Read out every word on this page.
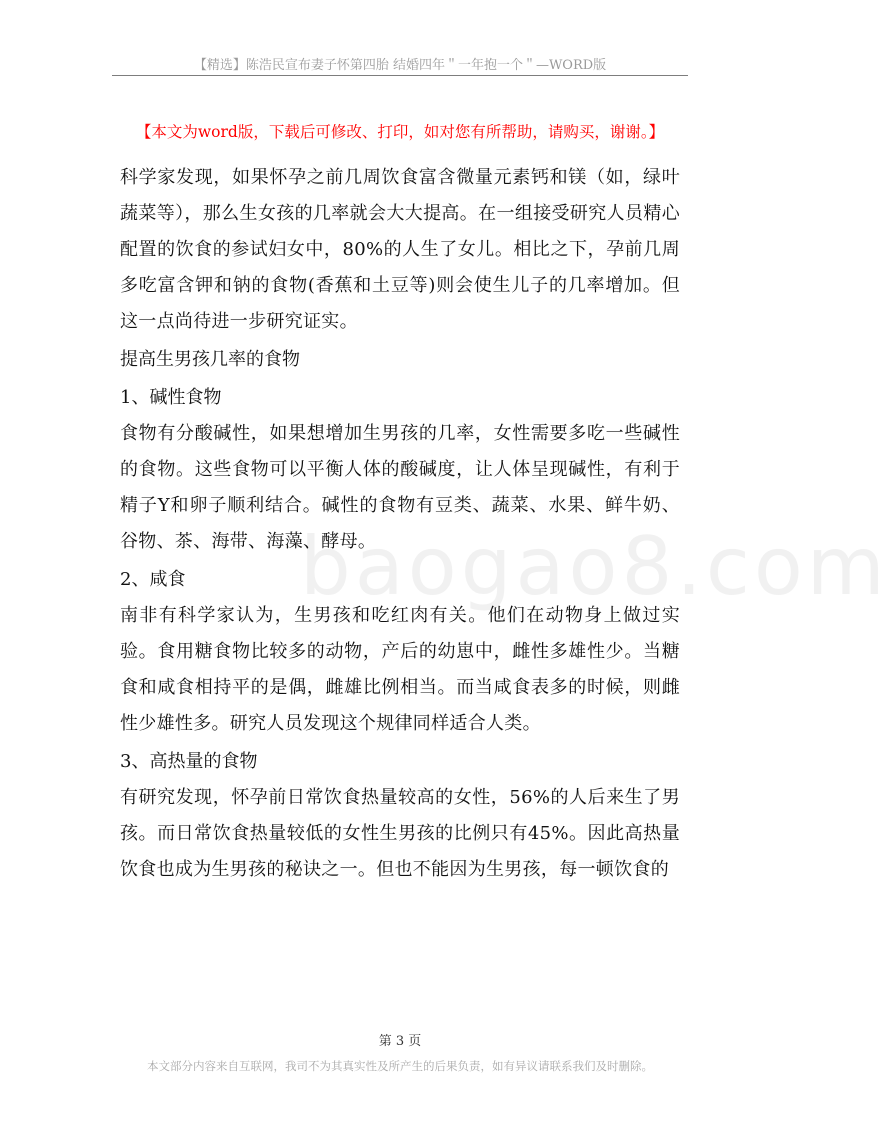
【精选】陈浩民宣布妻子怀第四胎 结婚四年＂一年抱一个＂—WORD版
【本文为word版，下载后可修改、打印，如对您有所帮助，请购买，谢谢。】
baogao8.com

科学家发现，如果怀孕之前几周饮食富含微量元素钙和镁（如，绿叶蔬菜等），那么生女孩的几率就会大大提高。在一组接受研究人员精心配置的饮食的参试妇女中，80%的人生了女儿。相比之下，孕前几周多吃富含钾和钠的食物(香蕉和土豆等)则会使生儿子的几率增加。但这一点尚待进一步研究证实。

提高生男孩几率的食物

1、碱性食物

食物有分酸碱性，如果想增加生男孩的几率，女性需要多吃一些碱性的食物。这些食物可以平衡人体的酸碱度，让人体呈现碱性，有利于精子Y和卵子顺利结合。碱性的食物有豆类、蔬菜、水果、鲜牛奶、谷物、茶、海带、海藻、酵母。

2、咸食

南非有科学家认为，生男孩和吃红肉有关。他们在动物身上做过实验。食用糖食物比较多的动物，产后的幼崽中，雌性多雄性少。当糖食和咸食相持平的是偶，雌雄比例相当。而当咸食表多的时候，则雌性少雄性多。研究人员发现这个规律同样适合人类。

3、高热量的食物

有研究发现，怀孕前日常饮食热量较高的女性，56%的人后来生了男孩。而日常饮食热量较低的女性生男孩的比例只有45%。因此高热量饮食也成为生男孩的秘诀之一。但也不能因为生男孩，每一顿饮食的

第 3 页
本文部分内容来自互联网，我司不为其真实性及所产生的后果负责，如有异议请联系我们及时删除。
